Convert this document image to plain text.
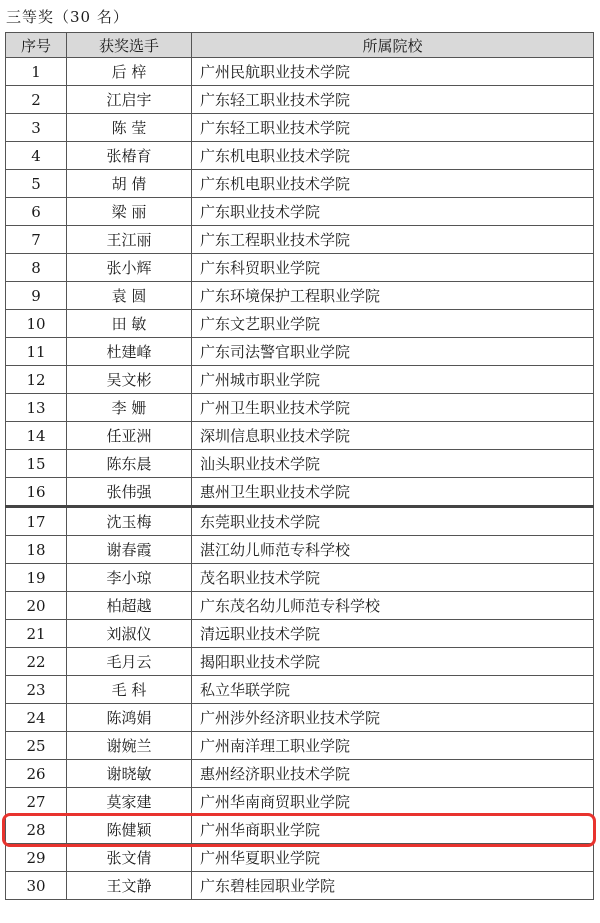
三等奖（30 名）
序号	获奖选手	所属院校
1	后 梓	广州民航职业技术学院
2	江启宇	广东轻工职业技术学院
3	陈 莹	广东轻工职业技术学院
4	张椿育	广东机电职业技术学院
5	胡 倩	广东机电职业技术学院
6	梁 丽	广东职业技术学院
7	王江丽	广东工程职业技术学院
8	张小辉	广东科贸职业学院
9	袁 圆	广东环境保护工程职业学院
10	田 敏	广东文艺职业学院
11	杜建峰	广东司法警官职业学院
12	吴文彬	广州城市职业学院
13	李 姗	广州卫生职业技术学院
14	任亚洲	深圳信息职业技术学院
15	陈东晨	汕头职业技术学院
16	张伟强	惠州卫生职业技术学院
17	沈玉梅	东莞职业技术学院
18	谢春霞	湛江幼儿师范专科学校
19	李小琼	茂名职业技术学院
20	柏超越	广东茂名幼儿师范专科学校
21	刘淑仪	清远职业技术学院
22	毛月云	揭阳职业技术学院
23	毛 科	私立华联学院
24	陈鸿娟	广州涉外经济职业技术学院
25	谢婉兰	广州南洋理工职业学院
26	谢晓敏	惠州经济职业技术学院
27	莫家建	广州华南商贸职业学院
28	陈健颖	广州华商职业学院
29	张文倩	广州华夏职业学院
30	王文静	广东碧桂园职业学院
